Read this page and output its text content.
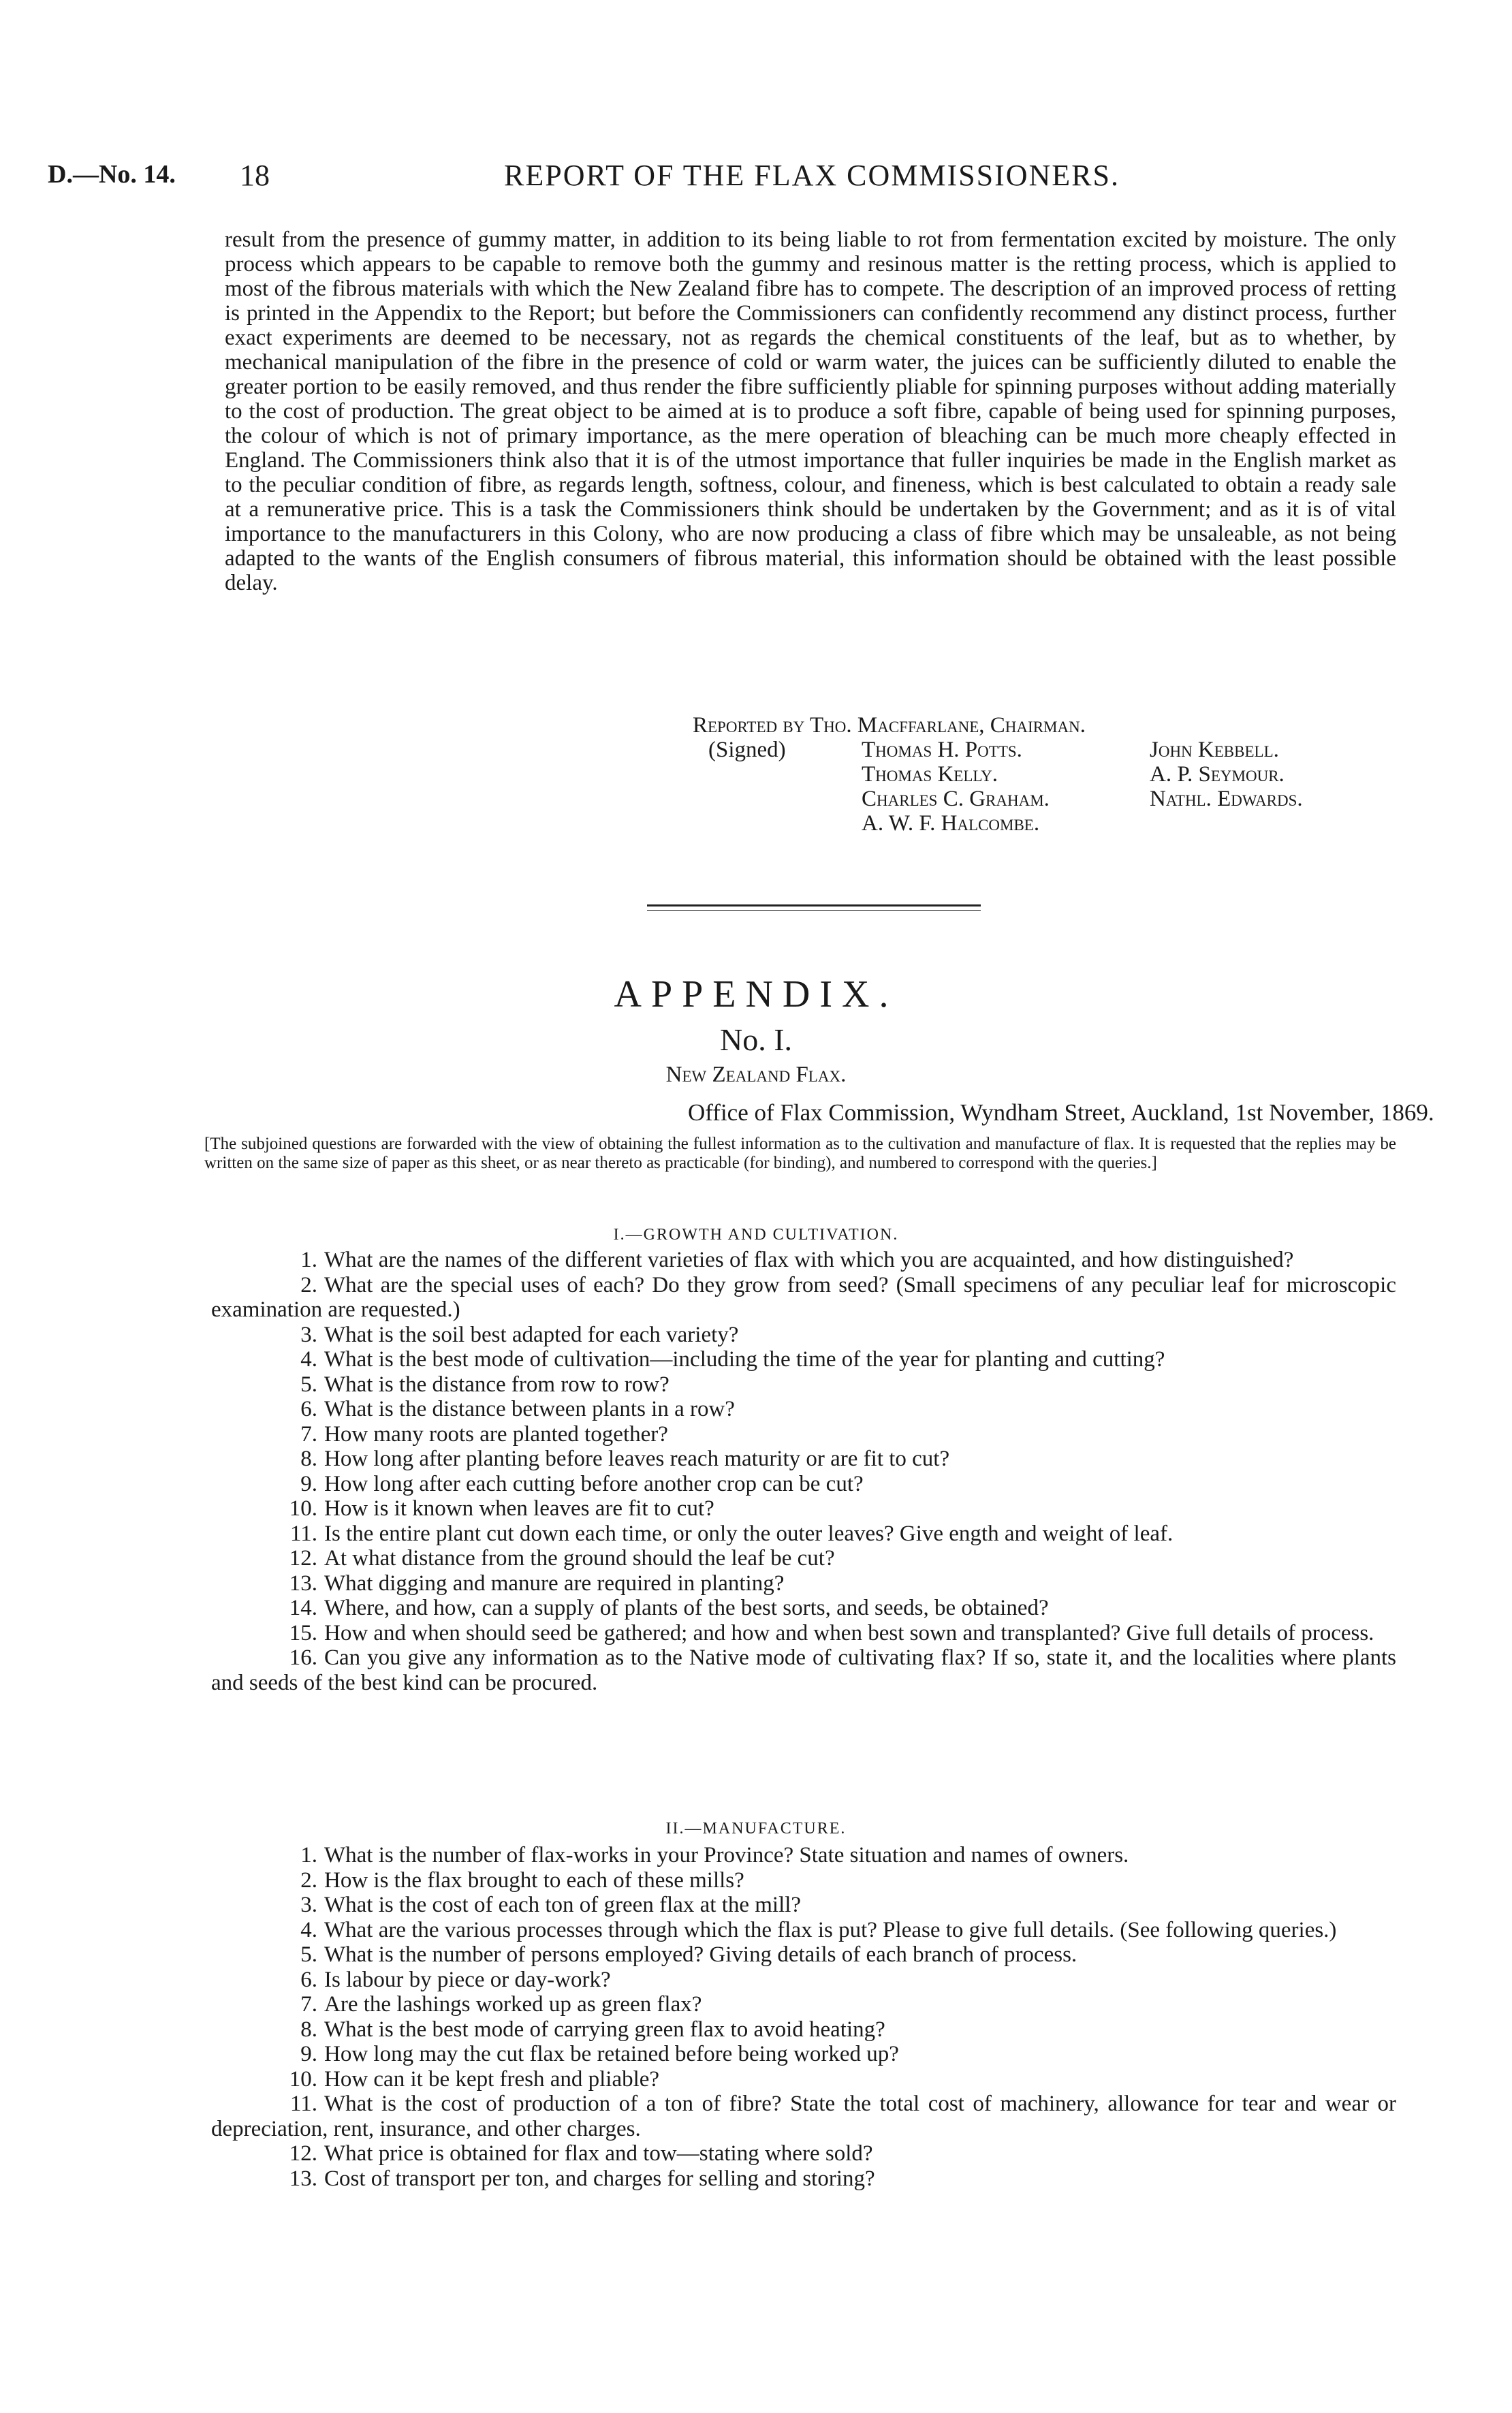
D.—No. 14. 18	REPORT OF THE FLAX COMMISSIONERS.

result from the presence of gummy matter, in addition to its being liable to rot from fermentation excited by moisture. The only process which appears to be capable to remove both the gummy and resinous matter is the retting process, which is applied to most of the fibrous materials with which the New Zealand fibre has to compete. The description of an improved process of retting is printed in the Appendix to the Report; but before the Commissioners can confidently recommend any distinct process, further exact experiments are deemed to be necessary, not as regards the chemical constituents of the leaf, but as to whether, by mechanical manipulation of the fibre in the presence of cold or warm water, the juices can be sufficiently diluted to enable the greater portion to be easily removed, and thus render the fibre sufficiently pliable for spinning purposes without adding materially to the cost of production. The great object to be aimed at is to produce a soft fibre, capable of being used for spinning purposes, the colour of which is not of primary importance, as the mere operation of bleaching can be much more cheaply effected in England. The Commissioners think also that it is of the utmost importance that fuller inquiries be made in the English market as to the peculiar condition of fibre, as regards length, softness, colour, and fineness, which is best calculated to obtain a ready sale at a remunerative price. This is a task the Commissioners think should be undertaken by the Government; and as it is of vital importance to the manufacturers in this Colony, who are now producing a class of fibre which may be unsaleable, as not being adapted to the wants of the English consumers of fibrous material, this information should be obtained with the least possible delay.

Reported by Tho. Macffarlane, Chairman.
(Signed)	Thomas H. Potts.
Thomas Kelly.
Charles C. Graham.
A. W. F. Halcombe.
John Kebbell.
A. P. Seymour.
Nathl. Edwards.
APPENDIX.
No. I.
New Zealand Flax.
Office of Flax Commission, Wyndham Street, Auckland, 1st November, 1869.

[The subjoined questions are forwarded with the view of obtaining the fullest information as to the cultivation and manufacture of flax. It is requested that the replies may be written on the same size of paper as this sheet, or as near thereto as practicable (for binding), and numbered to correspond with the queries.]

I.—GROWTH AND CULTIVATION.
1. What are the names of the different varieties of flax with which you are acquainted, and how distinguished?
2. What are the special uses of each? Do they grow from seed? (Small specimens of any peculiar leaf for microscopic examination are requested.)
3. What is the soil best adapted for each variety?
4. What is the best mode of cultivation—including the time of the year for planting and cutting?
5. What is the distance from row to row?
6. What is the distance between plants in a row?
7. How many roots are planted together?
8. How long after planting before leaves reach maturity or are fit to cut?
9. How long after each cutting before another crop can be cut?
10. How is it known when leaves are fit to cut?
11. Is the entire plant cut down each time, or only the outer leaves? Give ength and weight of leaf.
12. At what distance from the ground should the leaf be cut?
13. What digging and manure are required in planting?
14. Where, and how, can a supply of plants of the best sorts, and seeds, be obtained?
15. How and when should seed be gathered; and how and when best sown and transplanted? Give full details of process.
16. Can you give any information as to the Native mode of cultivating flax? If so, state it, and the localities where plants and seeds of the best kind can be procured.
II.—MANUFACTURE.
1. What is the number of flax-works in your Province? State situation and names of owners.
2. How is the flax brought to each of these mills?
3. What is the cost of each ton of green flax at the mill?
4. What are the various processes through which the flax is put? Please to give full details. (See following queries.)
5. What is the number of persons employed? Giving details of each branch of process.
6. Is labour by piece or day-work?
7. Are the lashings worked up as green flax?
8. What is the best mode of carrying green flax to avoid heating?
9. How long may the cut flax be retained before being worked up?
10. How can it be kept fresh and pliable?
11. What is the cost of production of a ton of fibre? State the total cost of machinery, allowance for tear and wear or depreciation, rent, insurance, and other charges.
12. What price is obtained for flax and tow—stating where sold?
13. Cost of transport per ton, and charges for selling and storing?
